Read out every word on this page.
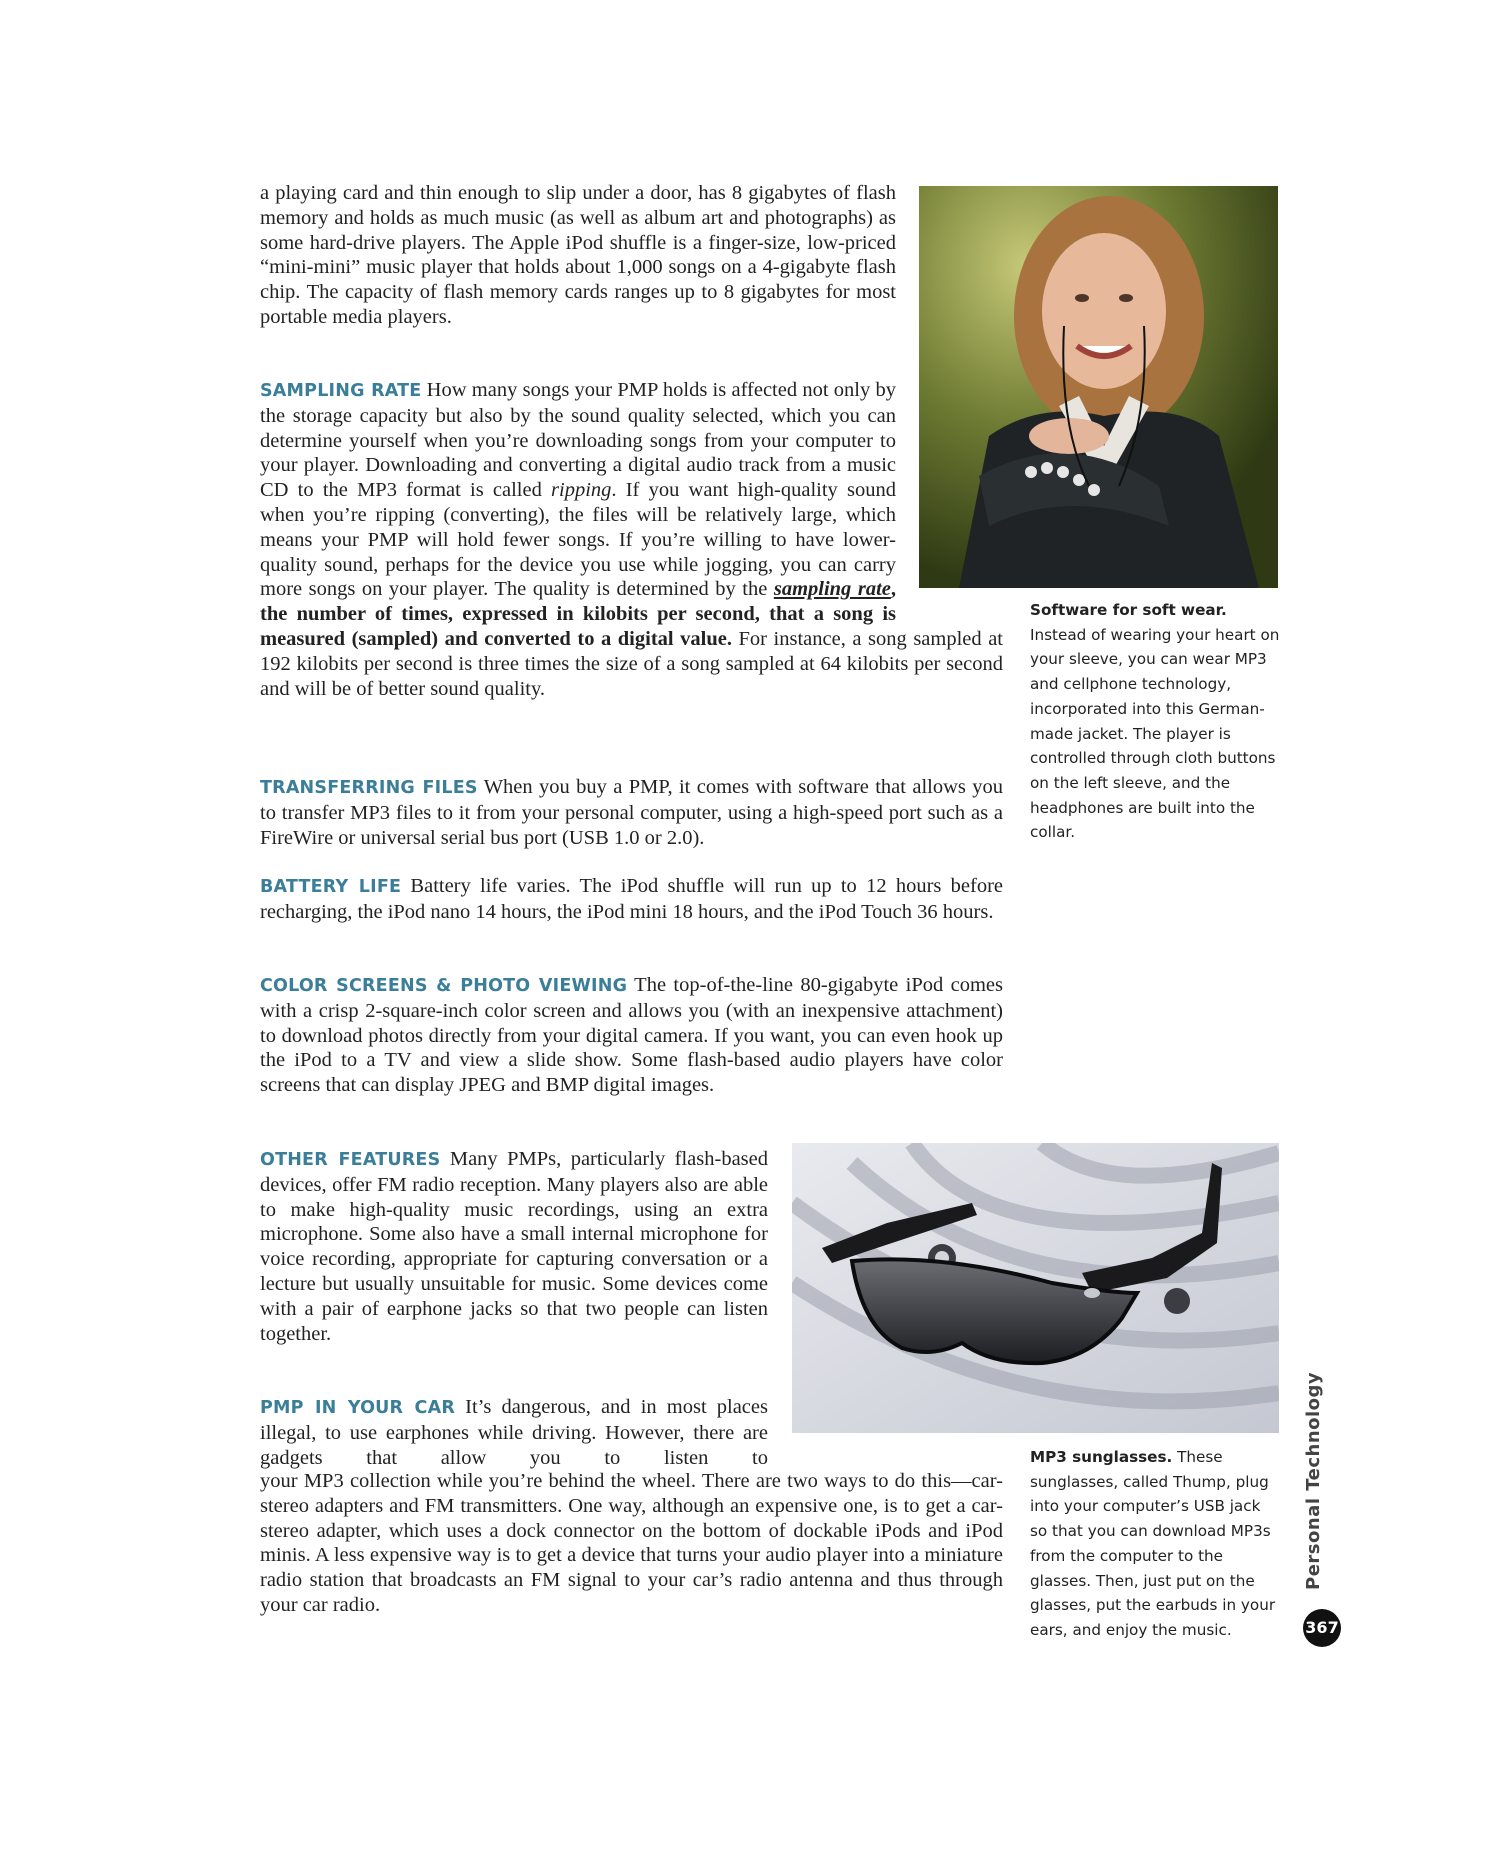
a playing card and thin enough to slip under a door, has 8 gigabytes of flash memory and holds as much music (as well as album art and photographs) as some hard-drive players. The Apple iPod shuffle is a finger-size, low-priced “mini-mini” music player that holds about 1,000 songs on a 4-gigabyte flash chip. The capacity of flash memory cards ranges up to 8 gigabytes for most portable media players.

SAMPLING RATE How many songs your PMP holds is affected not only by the storage capacity but also by the sound quality selected, which you can determine yourself when you’re downloading songs from your computer to your player. Downloading and converting a digital audio track from a music CD to the MP3 format is called ripping. If you want high-quality sound when you’re ripping (converting), the files will be relatively large, which means your PMP will hold fewer songs. If you’re willing to have lower-quality sound, perhaps for the device you use while jogging, you can carry more songs on your player. The quality is determined by the sampling rate, the number of times, expressed in kilobits per second, that a song is measured (sampled) and converted to a digital value. For instance, a song sampled at 192 kilobits per second is three times the size of a song sampled at 64 kilobits per second and will be of better sound quality.

TRANSFERRING FILES When you buy a PMP, it comes with software that allows you to transfer MP3 files to it from your personal computer, using a high-speed port such as a FireWire or universal serial bus port (USB 1.0 or 2.0).

BATTERY LIFE Battery life varies. The iPod shuffle will run up to 12 hours before recharging, the iPod nano 14 hours, the iPod mini 18 hours, and the iPod Touch 36 hours.

COLOR SCREENS & PHOTO VIEWING The top-of-the-line 80-gigabyte iPod comes with a crisp 2-square-inch color screen and allows you (with an inexpensive attachment) to download photos directly from your digital camera. If you want, you can even hook up the iPod to a TV and view a slide show. Some flash-based audio players have color screens that can display JPEG and BMP digital images.

OTHER FEATURES Many PMPs, particularly flash-based devices, offer FM radio reception. Many players also are able to make high-quality music recordings, using an extra microphone. Some also have a small internal microphone for voice recording, appropriate for capturing conversation or a lecture but usually unsuitable for music. Some devices come with a pair of earphone jacks so that two people can listen together.

PMP IN YOUR CAR It’s dangerous, and in most places illegal, to use earphones while driving. However, there are gadgets that allow you to listen to

your MP3 collection while you’re behind the wheel. There are two ways to do this—car-stereo adapters and FM transmitters. One way, although an expensive one, is to get a car-stereo adapter, which uses a dock connector on the bottom of dockable iPods and iPod minis. A less expensive way is to get a device that turns your audio player into a miniature radio station that broadcasts an FM signal to your car’s radio antenna and thus through your car radio.

Software for soft wear.
Instead of wearing your heart on your sleeve, you can wear MP3 and cellphone technology, incorporated into this German-made jacket. The player is controlled through cloth buttons on the left sleeve, and the headphones are built into the collar.
MP3 sunglasses. These sunglasses, called Thump, plug into your computer’s USB jack so that you can download MP3s from the computer to the glasses. Then, just put on the glasses, put the earbuds in your ears, and enjoy the music.
Personal Technology
367
